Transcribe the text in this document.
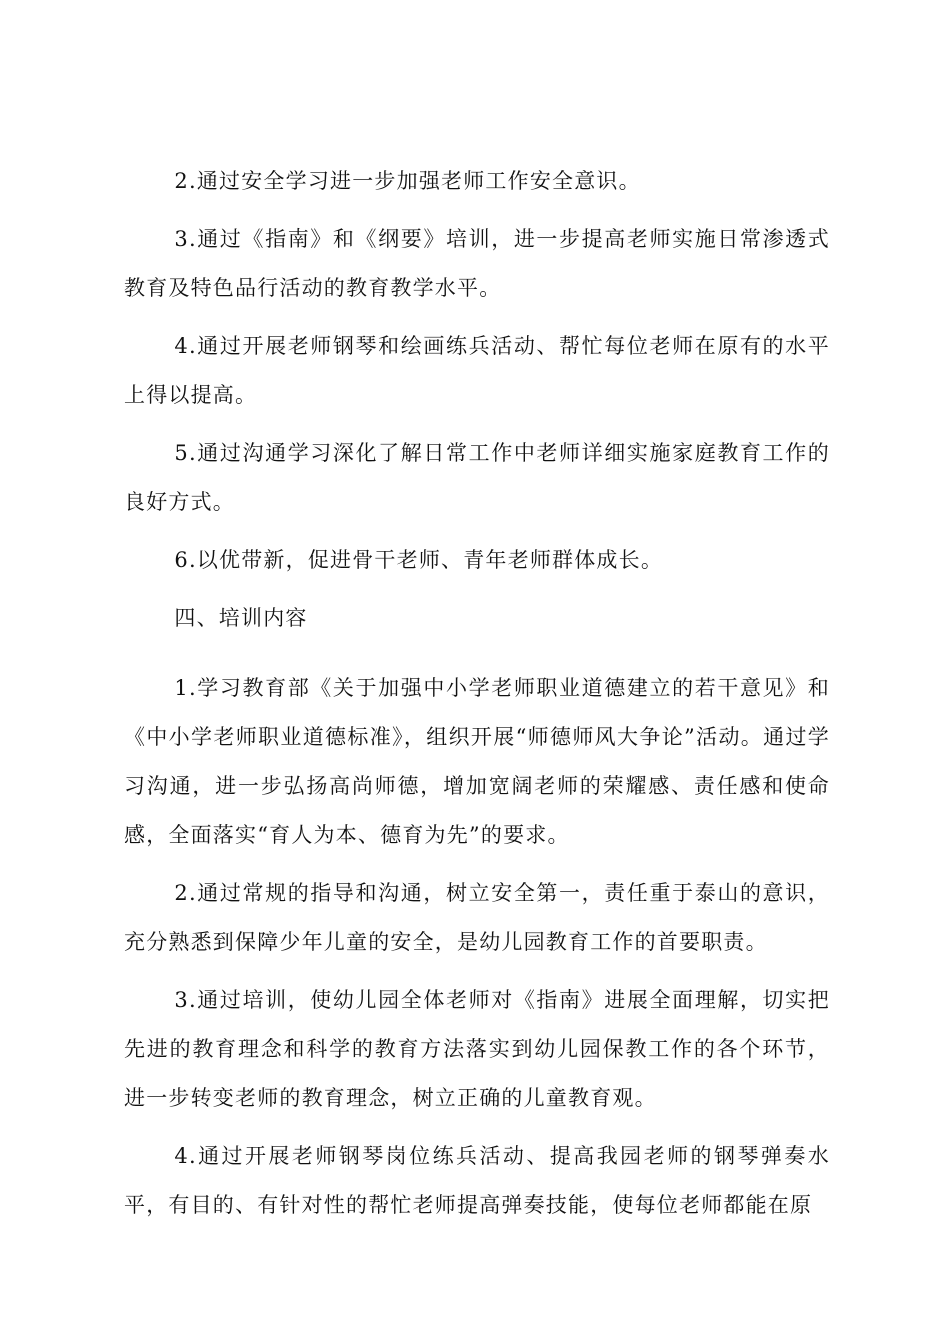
2.通过安全学习进一步加强老师工作安全意识。

3.通过《指南》和《纲要》培训，进一步提高老师实施日常渗透式教育及特色品行活动的教育教学水平。

4.通过开展老师钢琴和绘画练兵活动、帮忙每位老师在原有的水平上得以提高。

5.通过沟通学习深化了解日常工作中老师详细实施家庭教育工作的良好方式。

6.以优带新，促进骨干老师、青年老师群体成长。

四、培训内容

1.学习教育部《关于加强中小学老师职业道德建立的若干意见》和《中小学老师职业道德标准》，组织开展“师德师风大争论”活动。通过学习沟通，进一步弘扬高尚师德，增加宽阔老师的荣耀感、责任感和使命感，全面落实“育人为本、德育为先”的要求。

2.通过常规的指导和沟通，树立安全第一，责任重于泰山的意识，充分熟悉到保障少年儿童的安全，是幼儿园教育工作的首要职责。

3.通过培训，使幼儿园全体老师对《指南》进展全面理解，切实把先进的教育理念和科学的教育方法落实到幼儿园保教工作的各个环节，进一步转变老师的教育理念，树立正确的儿童教育观。

4.通过开展老师钢琴岗位练兵活动、提高我园老师的钢琴弹奏水平，有目的、有针对性的帮忙老师提高弹奏技能，使每位老师都能在原
